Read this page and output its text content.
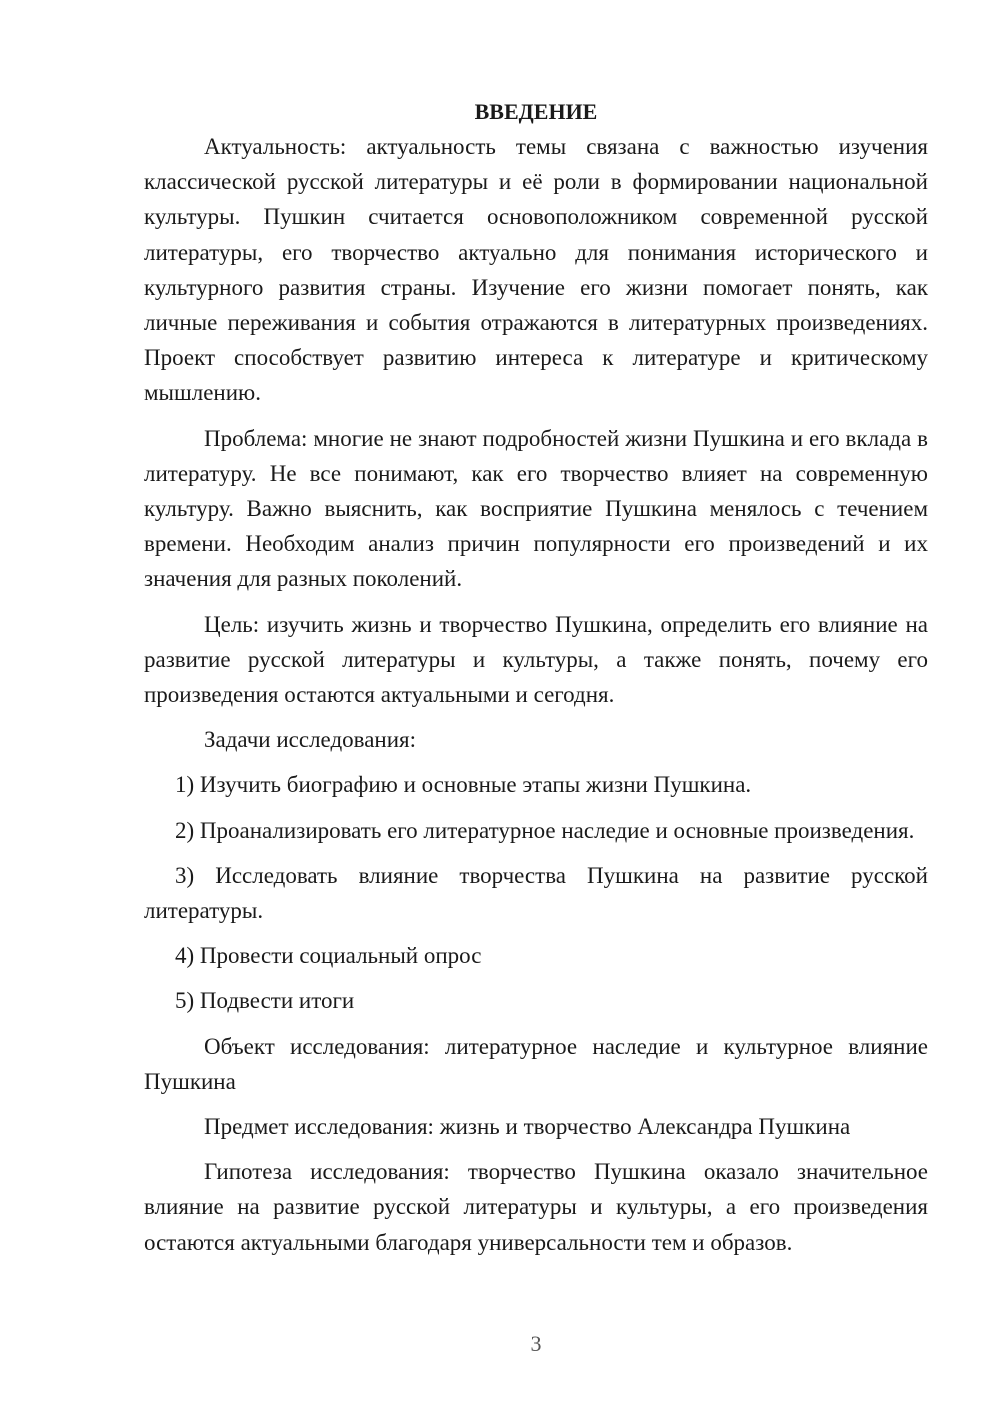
ВВЕДЕНИЕ

Актуальность: актуальность темы связана с важностью изучения классической русской литературы и её роли в формировании национальной культуры. Пушкин считается основоположником современной русской литературы, его творчество актуально для понимания исторического и культурного развития страны. Изучение его жизни помогает понять, как личные переживания и события отражаются в литературных произведениях. Проект способствует развитию интереса к литературе и критическому мышлению.

Проблема: многие не знают подробностей жизни Пушкина и его вклада в литературу. Не все понимают, как его творчество влияет на современную культуру. Важно выяснить, как восприятие Пушкина менялось с течением времени. Необходим анализ причин популярности его произведений и их значения для разных поколений.

Цель: изучить жизнь и творчество Пушкина, определить его влияние на развитие русской литературы и культуры, а также понять, почему его произведения остаются актуальными и сегодня.

Задачи исследования:

1) Изучить биографию и основные этапы жизни Пушкина.

2) Проанализировать его литературное наследие и основные произведения.

3) Исследовать влияние творчества Пушкина на развитие русской литературы.

4) Провести социальный опрос

5) Подвести итоги

Объект исследования: литературное наследие и культурное влияние Пушкина

Предмет исследования: жизнь и творчество Александра Пушкина

Гипотеза исследования: творчество Пушкина оказало значительное влияние на развитие русской литературы и культуры, а его произведения остаются актуальными благодаря универсальности тем и образов.

3
